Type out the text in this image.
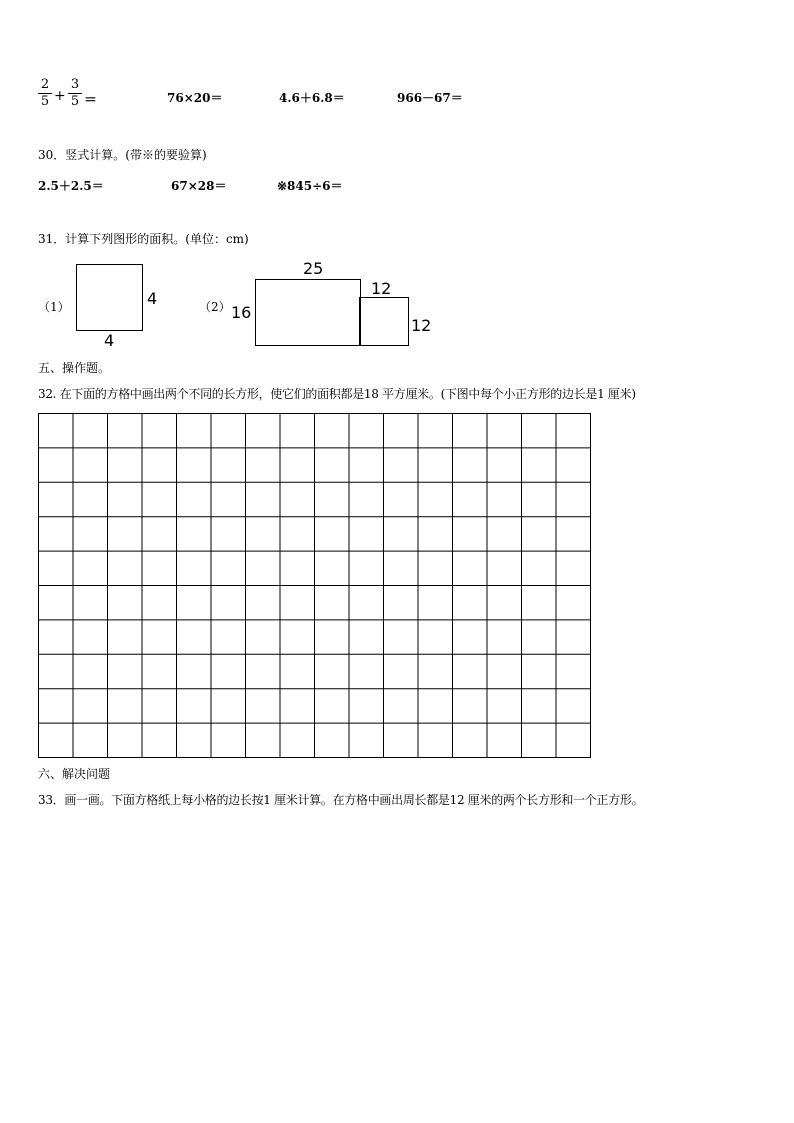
2
5 +
3
5 ＝	76×20＝	4.6＋6.8＝	966－67＝
30．竖式计算。(带※的要验算)
2.5＋2.5＝	67×28＝	※845÷6＝
31．计算下列图形的面积。(单位：cm)
（1）	4
4
（2）
25
16
12
12
五、操作题。
32. 在下面的方格中画出两个不同的长方形，使它们的面积都是18 平方厘米。(下图中每个小正方形的边长是1 厘米)
六、解决问题
33．画一画。下面方格纸上每小格的边长按1 厘米计算。在方格中画出周长都是12 厘米的两个长方形和一个正方形。
